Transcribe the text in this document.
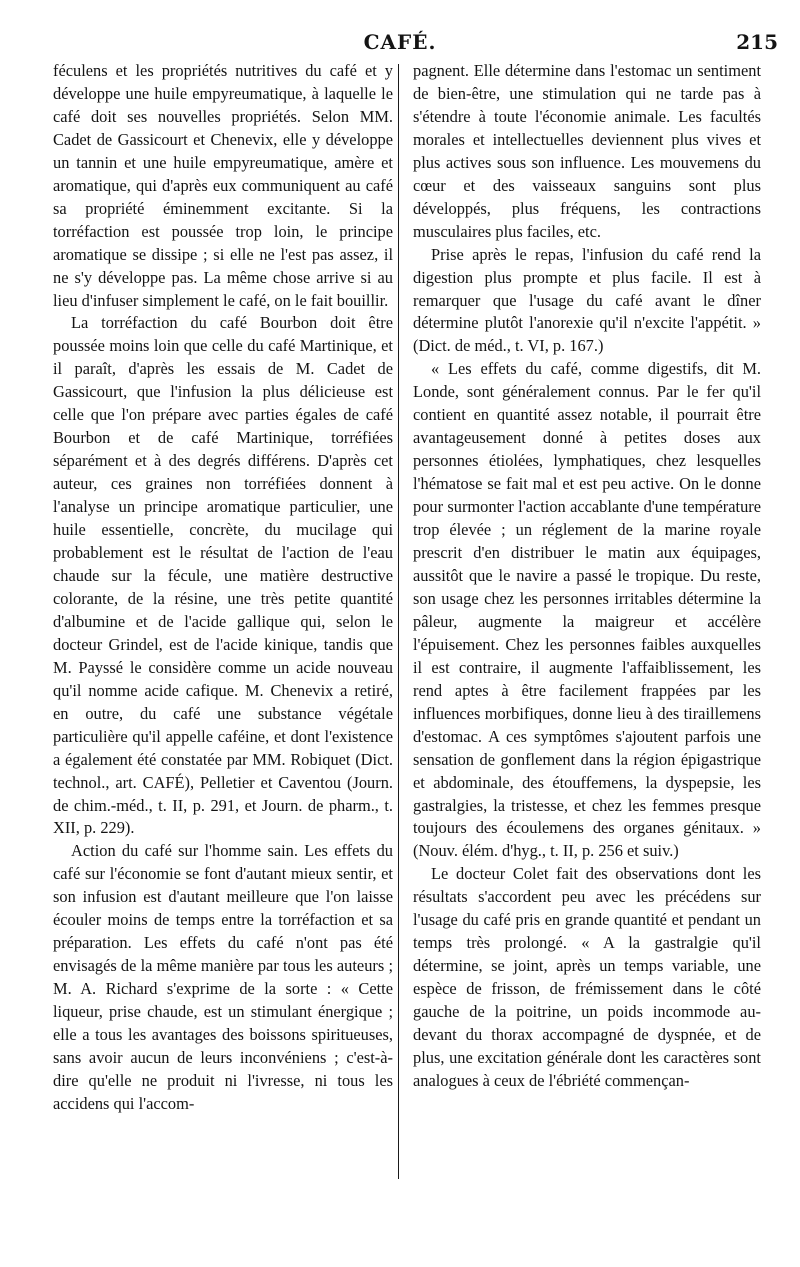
CAFÉ.	215

féculens et les propriétés nutritives du café et y développe une huile empyreumatique, à laquelle le café doit ses nouvelles propriétés. Selon MM. Cadet de Gassicourt et Chenevix, elle y développe un tannin et une huile empyreumatique, amère et aromatique, qui d'après eux communiquent au café sa propriété éminemment excitante. Si la torréfaction est poussée trop loin, le principe aromatique se dissipe ; si elle ne l'est pas assez, il ne s'y développe pas. La même chose arrive si au lieu d'infuser simplement le café, on le fait bouillir.

La torréfaction du café Bourbon doit être poussée moins loin que celle du café Martinique, et il paraît, d'après les essais de M. Cadet de Gassicourt, que l'infusion la plus délicieuse est celle que l'on prépare avec parties égales de café Bourbon et de café Martinique, torréfiées séparément et à des degrés différens. D'après cet auteur, ces graines non torréfiées donnent à l'analyse un principe aromatique particulier, une huile essentielle, concrète, du mucilage qui probablement est le résultat de l'action de l'eau chaude sur la fécule, une matière destructive colorante, de la résine, une très petite quantité d'albumine et de l'acide gallique qui, selon le docteur Grindel, est de l'acide kinique, tandis que M. Payssé le considère comme un acide nouveau qu'il nomme acide cafique. M. Chenevix a retiré, en outre, du café une substance végétale particulière qu'il appelle caféine, et dont l'existence a également été constatée par MM. Robiquet (Dict. technol., art. CAFÉ), Pelletier et Caventou (Journ. de chim.-méd., t. II, p. 291, et Journ. de pharm., t. XII, p. 229).

Action du café sur l'homme sain. Les effets du café sur l'économie se font d'autant mieux sentir, et son infusion est d'autant meilleure que l'on laisse écouler moins de temps entre la torréfaction et sa préparation. Les effets du café n'ont pas été envisagés de la même manière par tous les auteurs ; M. A. Richard s'exprime de la sorte : « Cette liqueur, prise chaude, est un stimulant énergique ; elle a tous les avantages des boissons spiritueuses, sans avoir aucun de leurs inconvéniens ; c'est-à-dire qu'elle ne produit ni l'ivresse, ni tous les accidens qui l'accom-

pagnent. Elle détermine dans l'estomac un sentiment de bien-être, une stimulation qui ne tarde pas à s'étendre à toute l'économie animale. Les facultés morales et intellectuelles deviennent plus vives et plus actives sous son influence. Les mouvemens du cœur et des vaisseaux sanguins sont plus développés, plus fréquens, les contractions musculaires plus faciles, etc.

Prise après le repas, l'infusion du café rend la digestion plus prompte et plus facile. Il est à remarquer que l'usage du café avant le dîner détermine plutôt l'anorexie qu'il n'excite l'appétit. » (Dict. de méd., t. VI, p. 167.)

« Les effets du café, comme digestifs, dit M. Londe, sont généralement connus. Par le fer qu'il contient en quantité assez notable, il pourrait être avantageusement donné à petites doses aux personnes étiolées, lymphatiques, chez lesquelles l'hématose se fait mal et est peu active. On le donne pour surmonter l'action accablante d'une température trop élevée ; un réglement de la marine royale prescrit d'en distribuer le matin aux équipages, aussitôt que le navire a passé le tropique. Du reste, son usage chez les personnes irritables détermine la pâleur, augmente la maigreur et accélère l'épuisement. Chez les personnes faibles auxquelles il est contraire, il augmente l'affaiblissement, les rend aptes à être facilement frappées par les influences morbifiques, donne lieu à des tiraillemens d'estomac. A ces symptômes s'ajoutent parfois une sensation de gonflement dans la région épigastrique et abdominale, des étouffemens, la dyspepsie, les gastralgies, la tristesse, et chez les femmes presque toujours des écoulemens des organes génitaux. » (Nouv. élém. d'hyg., t. II, p. 256 et suiv.)

Le docteur Colet fait des observations dont les résultats s'accordent peu avec les précédens sur l'usage du café pris en grande quantité et pendant un temps très prolongé. « A la gastralgie qu'il détermine, se joint, après un temps variable, une espèce de frisson, de frémissement dans le côté gauche de la poitrine, un poids incommode au-devant du thorax accompagné de dyspnée, et de plus, une excitation générale dont les caractères sont analogues à ceux de l'ébriété commençan-
